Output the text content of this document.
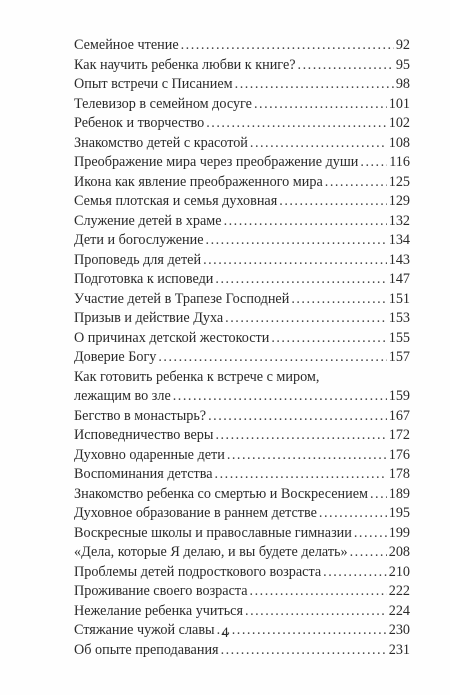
Семейное чтение .....	92
Как научить ребенка любви к книге? .....	95
Опыт встречи с Писанием .....	98
Телевизор в семейном досуге .....	101
Ребенок и творчество .....	102
Знакомство детей с красотой .....	108
Преображение мира через преображение души ..... 116
Икона как явление преображенного мира .....	125
Семья плотская и семья духовная .....	129
Служение детей в храме .....	132
Дети и богослужение .....	134
Проповедь для детей .....	143
Подготовка к исповеди .....	147
Участие детей в Трапезе Господней .....	151
Призыв и действие Духа .....	153
О причинах детской жестокости .....	155
Доверие Богу .....	157
Как готовить ребенка к встрече с миром,
лежащим во зле .....	159
Бегство в монастырь? .....	167
Исповедничество веры .....	172
Духовно одаренные дети .....	176
Воспоминания детства .....	178
Знакомство ребенка со смертью и Воскресением ..... 189
Духовное образование в раннем детстве .....	195
Воскресные школы и православные гимназии .....	199
«Дела, которые Я делаю, и вы будете делать» .....	208
Проблемы детей подросткового возраста .....	210
Проживание своего возраста .....	222
Нежелание ребенка учиться .....	224
Стяжание чужой славы .....	230
Об опыте преподавания .....	231
4
